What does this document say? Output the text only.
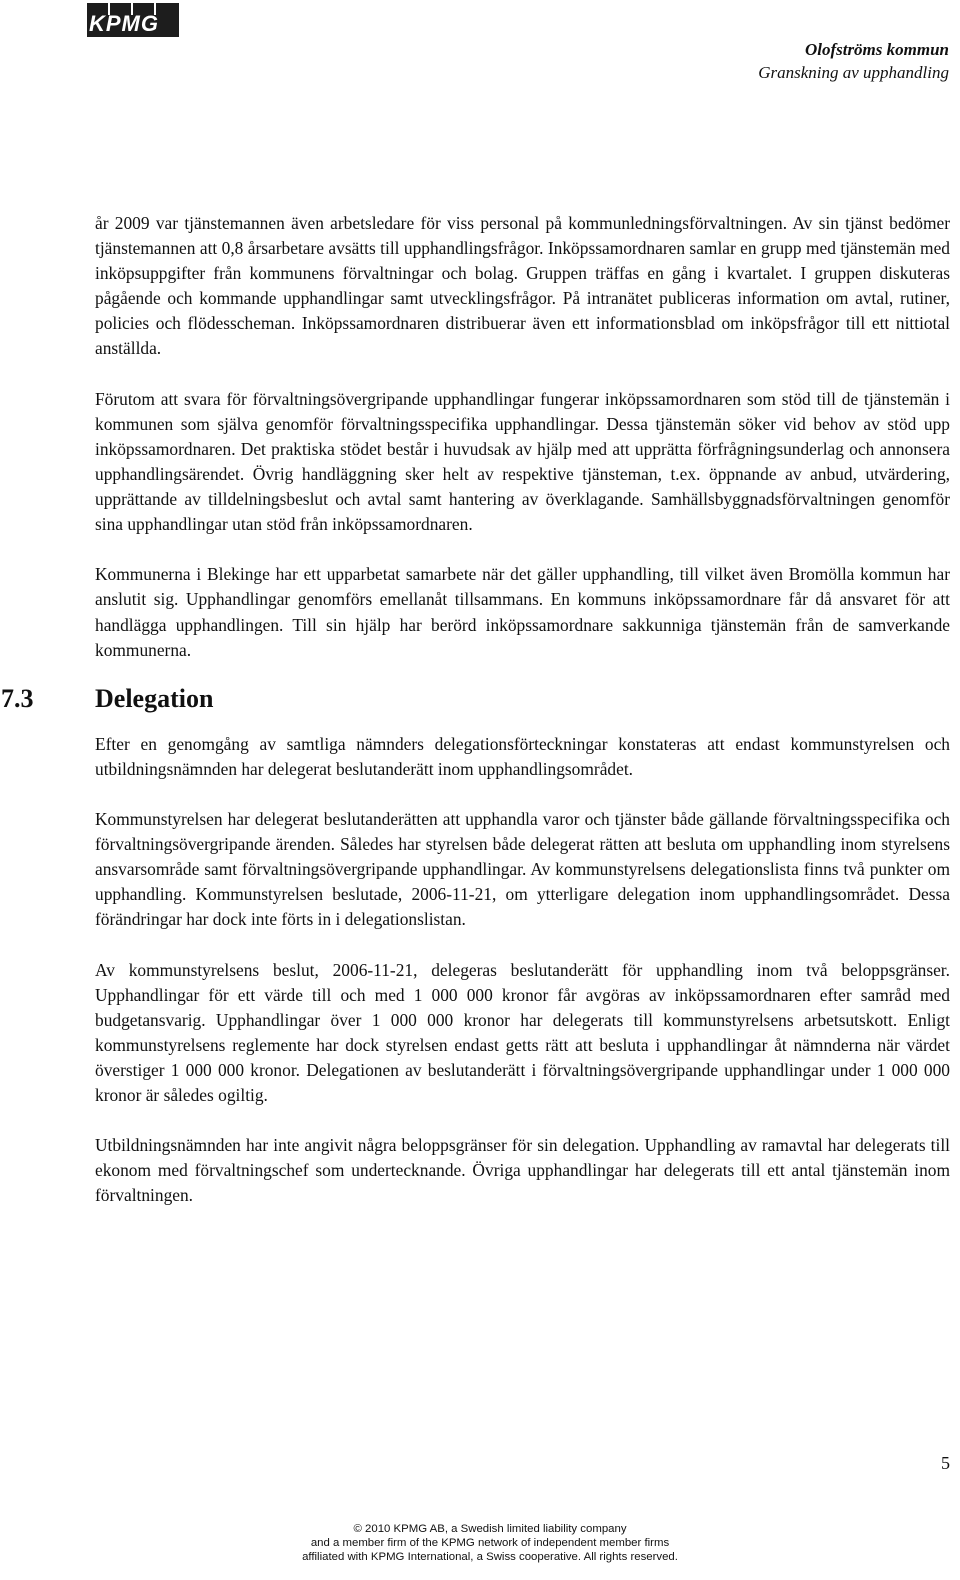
KPMG
Olofströms kommun
Granskning av upphandling

år 2009 var tjänstemannen även arbetsledare för viss personal på kommunledningsförvaltningen. Av sin tjänst bedömer tjänstemannen att 0,8 årsarbetare avsätts till upphandlingsfrågor. Inköpssamordnaren samlar en grupp med tjänstemän med inköpsuppgifter från kommunens förvaltningar och bolag. Gruppen träffas en gång i kvartalet. I gruppen diskuteras pågående och kommande upphandlingar samt utvecklingsfrågor. På intranätet publiceras information om avtal, rutiner, policies och flödesscheman. Inköpssamordnaren distribuerar även ett informationsblad om inköpsfrågor till ett nittiotal anställda.

Förutom att svara för förvaltningsövergripande upphandlingar fungerar inköpssamordnaren som stöd till de tjänstemän i kommunen som själva genomför förvaltningsspecifika upphandlingar. Dessa tjänstemän söker vid behov av stöd upp inköpssamordnaren. Det praktiska stödet består i huvudsak av hjälp med att upprätta förfrågningsunderlag och annonsera upphandlingsärendet. Övrig handläggning sker helt av respektive tjänsteman, t.ex. öppnande av anbud, utvärdering, upprättande av tilldelningsbeslut och avtal samt hantering av överklagande. Samhällsbyggnadsförvaltningen genomför sina upphandlingar utan stöd från inköpssamordnaren.

Kommunerna i Blekinge har ett upparbetat samarbete när det gäller upphandling, till vilket även Bromölla kommun har anslutit sig. Upphandlingar genomförs emellanåt tillsammans. En kommuns inköpssamordnare får då ansvaret för att handlägga upphandlingen. Till sin hjälp har berörd inköpssamordnare sakkunniga tjänstemän från de samverkande kommunerna.

7.3 Delegation

Efter en genomgång av samtliga nämnders delegationsförteckningar konstateras att endast kommunstyrelsen och utbildningsnämnden har delegerat beslutanderätt inom upphandlingsområdet.

Kommunstyrelsen har delegerat beslutanderätten att upphandla varor och tjänster både gällande förvaltningsspecifika och förvaltningsövergripande ärenden. Således har styrelsen både delegerat rätten att besluta om upphandling inom styrelsens ansvarsområde samt förvaltningsövergripande upphandlingar. Av kommunstyrelsens delegationslista finns två punkter om upphandling. Kommunstyrelsen beslutade, 2006-11-21, om ytterligare delegation inom upphandlingsområdet. Dessa förändringar har dock inte förts in i delegationslistan.

Av kommunstyrelsens beslut, 2006-11-21, delegeras beslutanderätt för upphandling inom två beloppsgränser. Upphandlingar för ett värde till och med 1 000 000 kronor får avgöras av inköpssamordnaren efter samråd med budgetansvarig. Upphandlingar över 1 000 000 kronor har delegerats till kommunstyrelsens arbetsutskott. Enligt kommunstyrelsens reglemente har dock styrelsen endast getts rätt att besluta i upphandlingar åt nämnderna när värdet överstiger 1 000 000 kronor. Delegationen av beslutanderätt i förvaltningsövergripande upphandlingar under 1 000 000 kronor är således ogiltig.

Utbildningsnämnden har inte angivit några beloppsgränser för sin delegation. Upphandling av ramavtal har delegerats till ekonom med förvaltningschef som undertecknande. Övriga upphandlingar har delegerats till ett antal tjänstemän inom förvaltningen.

5
© 2010 KPMG AB, a Swedish limited liability company
and a member firm of the KPMG network of independent member firms
affiliated with KPMG International, a Swiss cooperative. All rights reserved.
